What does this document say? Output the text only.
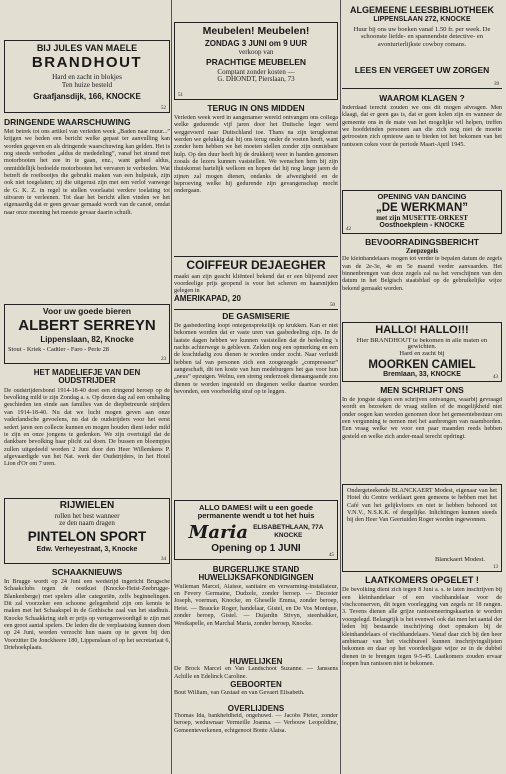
BIJ JULES VAN MAELE

BRANDHOUT

Hard en zacht in blokjes

Ten huize besteld

Graafjansdijk, 166, KNOCKE

52

DRINGENDE WAARSCHUWING

Met betrek tot ons artikel van verleden week „Baden naar muur...” krijgen we heden een bericht welke gepast ter aanvulling kan worden gegeven en als dringende waarschuwing kan gelden. Het is nog steeds verboden „aldus de mededeling”, vanaf het strand met motorbooten het zee in te gaan, enz., want geheel aldus, onmiddellijk bedoelde motorbooten het vervaren te verbieden. Wat betreft de roeibootjes die gebruikt maken van een hulpstuk, zijn ook niet toegelaten; zij die uitgerust zijn met een verlof vanwege de G. K. Z. in regel te stellen voorlaatst verdere toelating tot uitvaren te verleenen. Tot daar het bericht allen vinden we het eigenaardig dat er geen gevaar gemaakt wordt van de canoë, omdat naar onze meening het meeste gevaar daarin schuilt.

Voor uw goede bieren

ALBERT SERREYN

Lippenslaan, 82, Knocke

Stout - Kriek - Cadtler - Faro - Perle 28

23

HET MADELIEFJE VAN DEN OUDSTRIJDER

De oudstrijdersbond 1914-18-40 doet een dringend beroep op de bevolking mild te zijn Zondag a. s. Op dezen dag zal een omhaling geschieden ten einde aan families van de diepbetreurde strijders van 1914-18-40. Nu dat we lucht mogen geven aan onze vaderlandsche gevoelens, nu dat de oudstrijders voor het eerst sedert jaren een collecte kunnen en mogen houden dient ieder mild te zijn en onze jongens te gedenken. We zijn overtuigd dat de dankbare bevolking haar plicht zal doen. De bussen en bloempjes zullen uitgedeeld worden 2 Juni door den Heer Willemkens P. afgevaardigde van het Nat. werk der Oudstrijders, in het Hotel Lion d'Or om 7 uren.

RIJWIELEN

rollen het best wanneer

ze den naam dragen

PINTELON SPORT

Edw. Verheyestraat, 3, Knocke

34

SCHAAKNIEUWS

In Brugge wordt op 24 Juni een wedstrijd ingericht Brugsche Schaakclubs tegen de oostkust (Knocke-Heist-Zeebrugge-Blankenberge) met spelers aller categoriën, zelfs beginnelingen. Dit zal voorzeker een schoone gelegenheid zijn om kennis te maken met het Schaakspel in de Gothische zaal van het stadhuis. Knocke Schaakkring stelt er prijs op vertegenwoordigd te zijn met een groot aantal spelers. De leden die de verplaatsing kunnen doen op 24 Juni, worden verzocht hun naam op te geven bij den Voorzitter De Jonckheere 180, Lippenslaan of op het secretariaat 6, Driehoekplaats.

Meubelen! Meubelen!

ZONDAG 3 JUNI om 9 UUR

verkoop van

PRACHTIGE MEUBELEN

Comptant zonder kosten —

G. DHONDT, Pierslaan, 73

51

TERUG IN ONS MIDDEN

Verleden week werd in aangenamer wereld ontvangen ons collega welke gedurende vijf jaren door het Duitsche leger werd weggevoerd naar Duitschland toe. Thans na zijn terugkomst werden we gelukkig dat hij ons terug onder de voeten heeft, want zonder hem hebben we het moeten stellen zonder zijn onmisbare hulp. Op den duur heeft hij de drukkerij weer in handen genomen zooals de lezers kunnen vaststellen. We wenschen hem bij zijn thuiskomst hartelijk welkom en hopen dat hij nog lange jaren de zijnen zal mogen dienen, ondanks de afwezigheid en de beproeving welke hij gedurende zijn gevangenschap mocht ondergaan.

COIFFEUR DEJAEGHER

maakt aan zijn geacht kliënteel bekend dat er een blijvend zeer voordeelige prijs geopend is voor het scheren en haarsnijden gelegen in

AMERIKAPAD, 20

50

DE GASMISERIE

De gasbedeeling loopt ontegensprekelijk op krukken. Kan er niet bekomen worden dat er vaste uren van gasbedeeling zijn. In de laatste dagen hebben we kunnen vaststellen dat de bedeeling 's nachts achterwege is gebleven. Zelden nog een opmerking en een de krachtdadig zou dienen te worden onder zocht. Naar verluidt hebben tal van personen zich een zoogezegde „compresseur” aangeschaft, dit ten koste van hun medeburgers het gas voor hun „neus” opzuigen. Welnu, een streng onderzoek dienaangaande zou dienen te worden ingesteld en diegenen welke daartoe worden bevonden, een voorbeeldig straf op te leggen.

ALLO DAMES! wilt u een goede permanente wendt u tot het huis

Maria ELISABETHLAAN, 77A
KNOCKE

Opening op 1 JUNI

45

BURGERLIJKE STAND

HUWELIJKSAFKONDIGINGEN

Wulleman Marcel, Alaisse, sanitaire en verwarming-installateur, en Fevery Germaine, Dudzele, zonder beroep. — Decoster Joseph, voerman, Knocke, en Gheselle Emma, zonder beroep, Heist. — Braucke Roger, handelaar, Gistel, en De Vos Monique, zonder beroep, Gistel. — Dujardin Stivyn, steenbakker, Westkapelle, en Marchal Maria, zonder beroep, Knocke.

HUWELIJKEN

De Brock Marcel en Van Landschoot Suzanne. — Janssens Achille en Edelinck Caroline.

GEBOORTEN

Bout William, van Gustaaf en van Gevaert Elisabeth.

OVERLIJDENS

Thomas Ida, bankhefdheid, ongehuwd. — Jacobs Pieter, zonder beroep, weduwnaar Vermeille Joanna. — Verbouw Leopoldine, Gemeenteverkenen, echtgenoot Bonte Alaisa.

ALGEMEENE LEESBIBLIOTHEEK

LIPPENSLAAN 272, KNOCKE

Huur bij ons uw boeken vanaf 1.50 fr. per week. De schoonste liefde- en spannendste detective- en avonturierlijkste cowboy romans.

LEES EN VERGEET UW ZORGEN

39

WAAROM KLAGEN ?

Inderdaad terecht zouden we ons dit mogen afvragen. Men klaagt, dat er geen gas is, dat er geen kolen zijn en wanneer de gemeente ons in de mate van het mogelijke wil helpen, treffen we hoofdeinden personen aan die zich nog niet de moeite getroosten zich opnieuw aan te bieden tot het bekomen van het rantsoen cokes voor de periode Maart-April 1945.

OPENING VAN DANCING

„DE WERKMAN”

met zijn MUSETTE-ORKEST

Oosthoekplein - KNOCKE

42

BEVOORRADINGSBERICHT

Zeepzegels

De kleinhandelaars mogen tot verder te bepalen datum de zegels van de 2e-3e, 4e en 5e maand verder aanvaarden. Het binnenbrengen van deze zegels zal na het verschijnen van den datum in het Belgisch staatsblad op de gebruikelijke wijze bekend gemaakt worden.

HALLO! HALLO!!!

Hier BRANDHOUT te bekomen in alle maten en gewichten.

Hard en zacht bij

MOORKEN CAMIEL

Bremlaan, 33, KNOCKE	43

MEN SCHRIJFT ONS

In de jongste dagen een schrijven ontvangen, waarbij gevraagd wordt en bezoeken de vraag stellen of de mogelijkheid niet onder oogen kan worden genomen door het gemeentebestuur om een vergunning te nemen met het aanbrengen van naamborden. Een vraag welke we voor een paar maanden reeds hebben gesteld en welke zich ander-maal terecht opdringt.

Ondergeteekende BLANCKAERT Modest, eigenaar van het Hotel du Centre verklaart geen gemeens te hebben met het Café van het gelijkvloers en niet te hebben behoord tot V.N.V., N.S.K.K. of dergelijke. Inlichtingen kunnen steeds bij den Heer Van Geertuiden Roger worden ingewonnen.

Blanckaert Modest.

13

LAATKOMERS OPGELET !

De bevolking dient zich tegen 8 Juni a. s. te laten inschrijven bij een kleinhandelaar of een vischhandelaar voor de vischconserven, dit tegen voorlegging van zegels nr 18 rangen. 3. Tevens dienen alle grijze rantsoeneeringskaarten te worden voorgelegd. Belangrijk is het evenwel ook dat men het aantal der leden bij bestaande inschrijving doet opmaken bij de kleinhandelaars of vischhandelaars. Vanaf daar zich bij den heer ambtenaar van het vischbureel kunnen inschrijvingslijsten bekomen en daar op het voordeeligste wijze ze in de dubbel dienen in te brengen tegen 9-5-45. Laatkomers zouden ervaar loopen hun rantsoen niet te bekomen.
